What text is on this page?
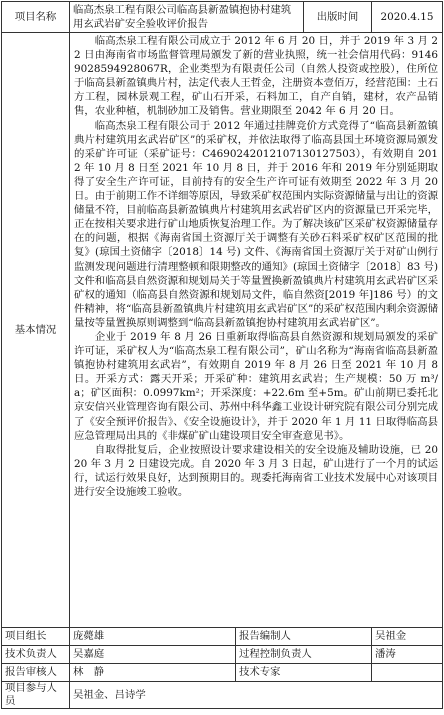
项目名称	临高杰泉工程有限公司临高县新盈镇抱协村建筑用玄武岩矿安全验收评价报告		出版时间	2020.4.15
基本情况	临高杰泉工程有限公司成立于 2012 年 6 月 20 日，并于 2019 年 3 月 22 日由海南省市场监督管理局颁发了新的营业执照，统一社会信用代码：91469028594928067R，企业类型为有限责任公司（自然人投资或控股），住所位于临高县新盈镇典片村，法定代表人王哲金，注册资本壹佰万，经营范围：土石方工程，园林景观工程，矿山石开采，石料加工，自产自销，建材，农产品销售，农业种植，机制砂加工及销售。营业期限至 2042 年 6 月 20 日。

临高杰泉工程有限公司于 2012 年通过挂牌竞价方式竞得了“临高县新盈镇典片村建筑用玄武岩矿区”的采矿权，并依法取得了临高县国土环境资源局颁发的采矿许可证（采矿证号：C4690242012107130127503），有效期自 2012 年 10 月 8 日至 2021 年 10 月 8 日，并于 2016 年和 2019 年分别延期取得了安全生产许可证，目前持有的安全生产许可证有效期至 2022 年 3 月 20 日。由于前期工作不详细等原因，导致采矿权范围内实际资源储量与出让的资源储量不符，目前临高县新盈镇典片村建筑用玄武岩矿区内的资源量已开采完毕，正在按相关要求进行矿山地质恢复治理工作。为了解决该矿区采矿权资源储量存在的问题，根据《海南省国土资源厅关于调整有关砂石料采矿权矿区范围的批复》(琼国土资储字〔2018〕14 号) 文件、《海南省国土资源厅关于对矿山例行监测发现问题进行清理整顿和限期整改的通知》(琼国土资储字〔2018〕83 号) 文件和临高县自然资源和规划局关于等量置换新盈镇典片村建筑用玄武岩矿区采矿权的通知（临高县自然资源和规划局文件，临自然资[2019 年]186 号）的文件精神，将“临高县新盈镇典片村建筑用玄武岩矿区”的采矿权范围内剩余资源储量按等量置换原则调整到“临高县新盈镇抱协村建筑用玄武岩矿区”。

企业于 2019 年 8 月 26 日重新取得临高县自然资源和规划局颁发的采矿许可证，采矿权人为“临高杰泉工程有限公司”，矿山名称为“海南省临高县新盈镇抱协村建筑用玄武岩”，有效期自 2019 年 8 月 26 日至 2021 年 10 月 8 日。开采方式：露天开采；开采矿种：建筑用玄武岩；生产规模：50 万 m³/a；矿区面积：0.0997km²；开采深度：+22.6m 至+5m。矿山前期已委托北京安信兴业管理咨询有限公司、苏州中科华鑫工业设计研究院有限公司分别完成了《安全预评价报告》、《安全设施设计》，并于 2020 年 1 月 11 日取得临高县应急管理局出具的《非煤矿矿山建设项目安全审查意见书》。

自取得批复后，企业按照设计要求建设相关的安全设施及辅助设施，已 2020 年 3 月 2 日建设完成。自 2020 年 3 月 3 日起，矿山进行了一个月的试运行，试运行效果良好，达到预期目的。现委托海南省工业技术发展中心对该项目进行安全设施竣工验收。			

项目组长	庞薨雄	报告编制人		吴祖金
技术负责人	吴嘉庭	过程控制负责人		潘涛
报告审核人	林　静	技术专家		
项目参与人员	吴祖金、吕诗学			
